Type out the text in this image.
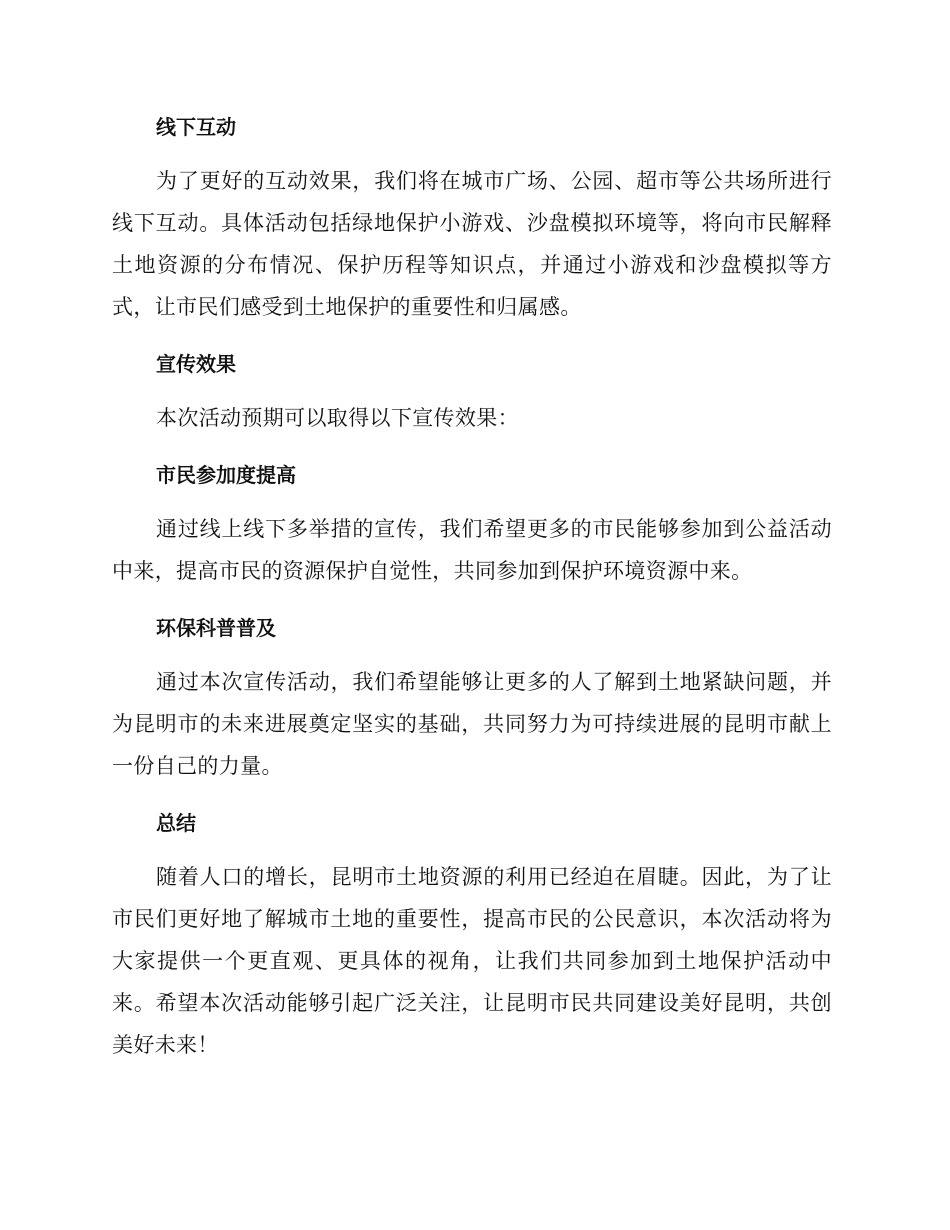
线下互动

为了更好的互动效果，我们将在城市广场、公园、超市等公共场所进行线下互动。具体活动包括绿地保护小游戏、沙盘模拟环境等，将向市民解释土地资源的分布情况、保护历程等知识点，并通过小游戏和沙盘模拟等方式，让市民们感受到土地保护的重要性和归属感。

宣传效果

本次活动预期可以取得以下宣传效果：

市民参加度提高

通过线上线下多举措的宣传，我们希望更多的市民能够参加到公益活动中来，提高市民的资源保护自觉性，共同参加到保护环境资源中来。

环保科普普及

通过本次宣传活动，我们希望能够让更多的人了解到土地紧缺问题，并为昆明市的未来进展奠定坚实的基础，共同努力为可持续进展的昆明市献上一份自己的力量。

总结

随着人口的增长，昆明市土地资源的利用已经迫在眉睫。因此，为了让市民们更好地了解城市土地的重要性，提高市民的公民意识，本次活动将为大家提供一个更直观、更具体的视角，让我们共同参加到土地保护活动中来。希望本次活动能够引起广泛关注，让昆明市民共同建设美好昆明，共创美好未来！
